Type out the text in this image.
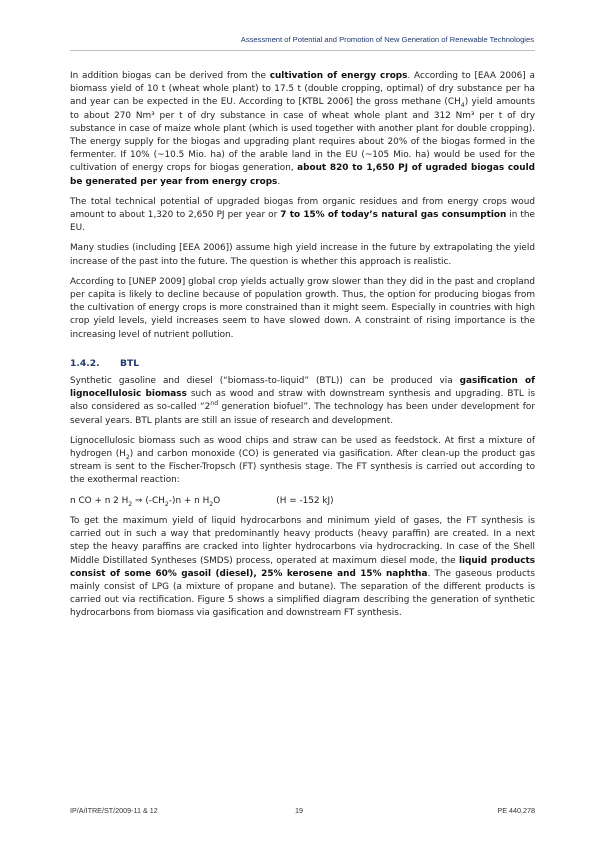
Assessment of Potential and Promotion of New Generation of Renewable Technologies

In addition biogas can be derived from the cultivation of energy crops. According to [EAA 2006] a biomass yield of 10 t (wheat whole plant) to 17.5 t (double cropping, optimal) of dry substance per ha and year can be expected in the EU. According to [KTBL 2006] the gross methane $(CH_4)$ yield amounts to about 270 Nm³ per t of dry substance in case of wheat whole plant and 312 Nm³ per t of dry substance in case of maize whole plant (which is used together with another plant for double cropping). The energy supply for the biogas and upgrading plant requires about 20% of the biogas formed in the fermenter. If 10% (~10.5 Mio. ha) of the arable land in the EU (~105 Mio. ha) would be used for the cultivation of energy crops for biogas generation, about 820 to 1,650 PJ of ugraded biogas could be generated per year from energy crops.

The total technical potential of upgraded biogas from organic residues and from energy crops woud amount to about 1,320 to 2,650 PJ per year or 7 to 15% of today’s natural gas consumption in the EU.

Many studies (including [EEA 2006]) assume high yield increase in the future by extrapolating the yield increase of the past into the future. The question is whether this approach is realistic.

According to [UNEP 2009] global crop yields actually grow slower than they did in the past and cropland per capita is likely to decline because of population growth. Thus, the option for producing biogas from the cultivation of energy crops is more constrained than it might seem. Especially in countries with high crop yield levels, yield increases seem to have slowed down. A constraint of rising importance is the increasing level of nutrient pollution.

1.4.2. BTL

Synthetic gasoline and diesel (“biomass-to-liquid” (BTL)) can be produced via gasification of lignocellulosic biomass such as wood and straw with downstream synthesis and upgrading. BTL is also considered as so-called “2nd generation biofuel”. The technology has been under development for several years. BTL plants are still an issue of research and development.

Lignocellulosic biomass such as wood chips and straw can be used as feedstock. At first a mixture of hydrogen $(H_2)$ and carbon monoxide (CO) is generated via gasification. After clean-up the product gas stream is sent to the Fischer-Tropsch (FT) synthesis stage. The FT synthesis is carried out according to the exothermal reaction:

n CO + n 2 $H_2$ ⇒ $(-CH_2-)n + n$ $H_2O$	(H = -152 kJ)

To get the maximum yield of liquid hydrocarbons and minimum yield of gases, the FT synthesis is carried out in such a way that predominantly heavy products (heavy paraffin) are created. In a next step the heavy paraffins are cracked into lighter hydrocarbons via hydrocracking. In case of the Shell Middle Distillated Syntheses (SMDS) process, operated at maximum diesel mode, the liquid products consist of some 60% gasoil (diesel), 25% kerosene and 15% naphtha. The gaseous products mainly consist of LPG (a mixture of propane and butane). The separation of the different products is carried out via rectification. Figure 5 shows a simplified diagram describing the generation of synthetic hydrocarbons from biomass via gasification and downstream FT synthesis.

IP/A/ITRE/ST/2009-11 & 12	19	PE 440.278
